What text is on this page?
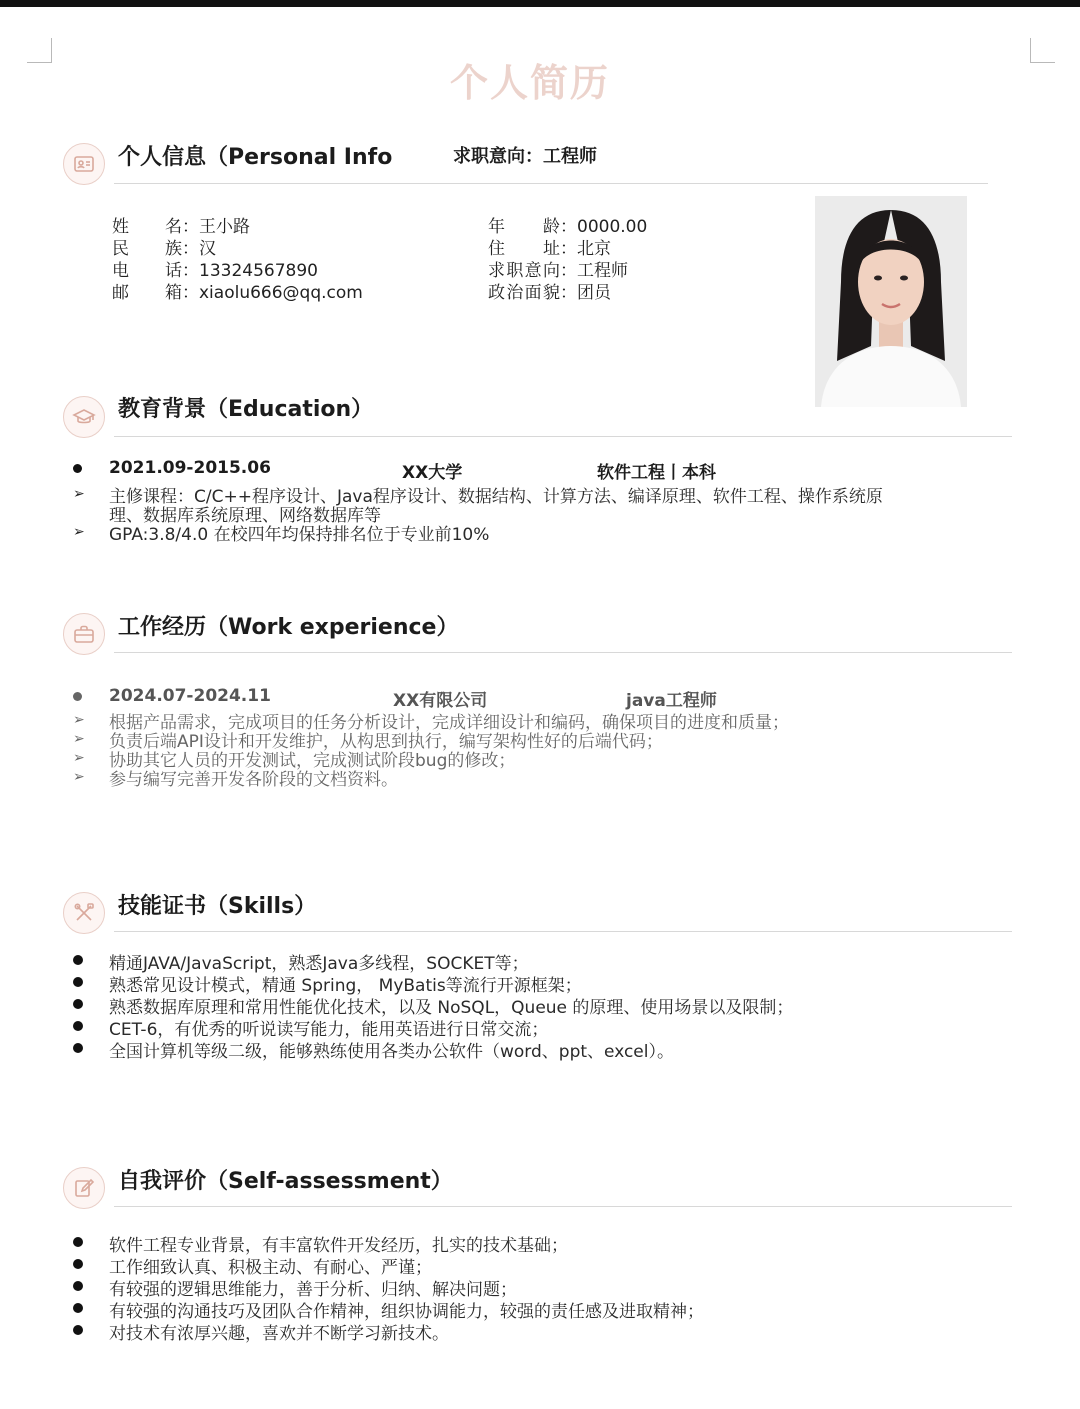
个人简历
个人信息（Personal Info	求职意向：工程师
姓名 ： 王小路
民族 ： 汉
电话 ： 13324567890
邮箱 ： xiaolu666@qq.com
年龄 ： 0000.00
住址 ： 北京
求职意向 ： 工程师
政治面貌 ： 团员
教育背景（Education）
2021.09-2015.06	XX大学	软件工程丨本科
➢ 主修课程：C/C++程序设计、Java程序设计、数据结构、计算方法、编译原理、软件工程、操作系统原
理、数据库系统原理、网络数据库等
➢ GPA:3.8/4.0 在校四年均保持排名位于专业前10%
工作经历（Work experience）
2024.07-2024.11	XX有限公司	java工程师
➢ 根据产品需求，完成项目的任务分析设计，完成详细设计和编码，确保项目的进度和质量；
➢ 负责后端API设计和开发维护，从构思到执行，编写架构性好的后端代码；
➢ 协助其它人员的开发测试，完成测试阶段bug的修改；
➢ 参与编写完善开发各阶段的文档资料。
技能证书（Skills）
精通JAVA/JavaScript，熟悉Java多线程，SOCKET等；
熟悉常见设计模式，精通 Spring， MyBatis等流行开源框架；
熟悉数据库原理和常用性能优化技术，以及 NoSQL，Queue 的原理、使用场景以及限制；
CET-6，有优秀的听说读写能力，能用英语进行日常交流；
全国计算机等级二级，能够熟练使用各类办公软件（word、ppt、excel）。
自我评价（Self-assessment）
软件工程专业背景，有丰富软件开发经历，扎实的技术基础；
工作细致认真、积极主动、有耐心、严谨；
有较强的逻辑思维能力，善于分析、归纳、解决问题；
有较强的沟通技巧及团队合作精神，组织协调能力，较强的责任感及进取精神；
对技术有浓厚兴趣，喜欢并不断学习新技术。
